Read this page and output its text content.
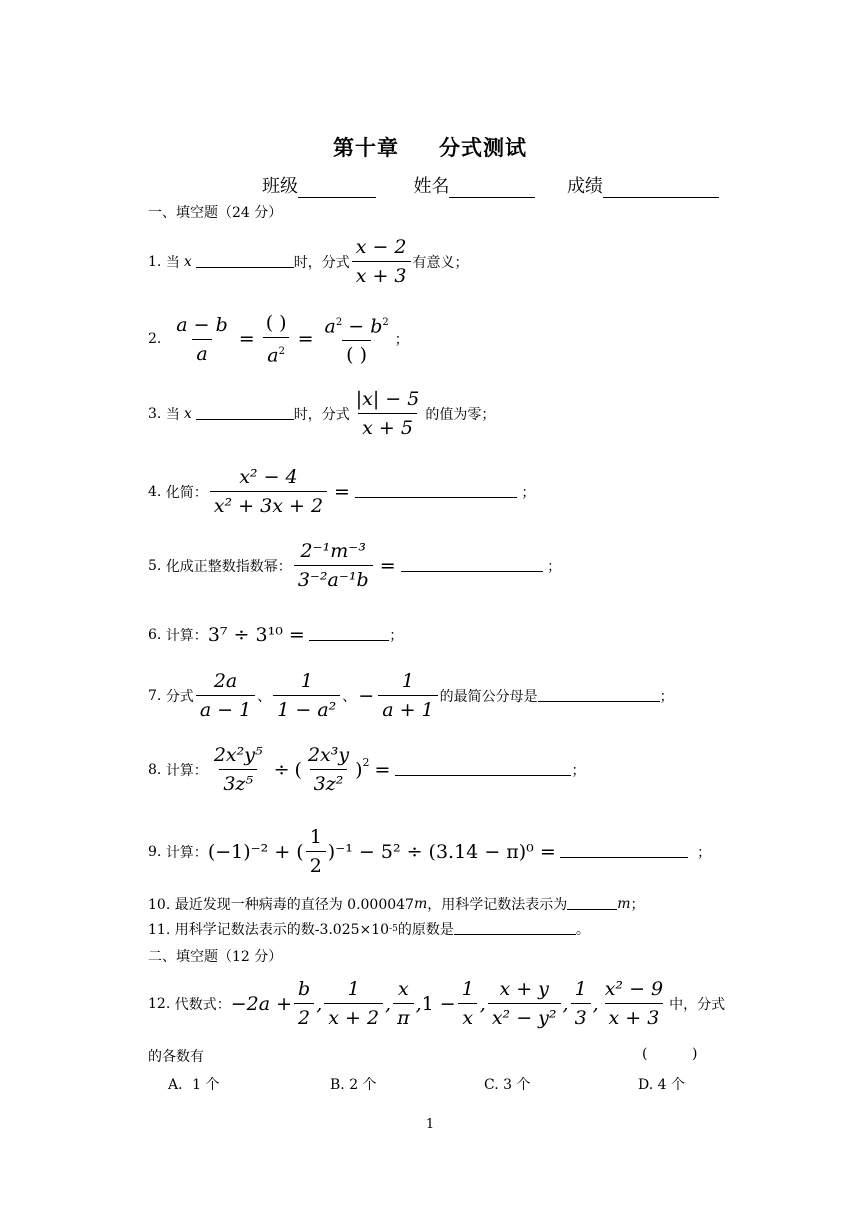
第十章 分式测试
班级	姓名	成绩
一、填空题（24 分）
1.
当 x	时，分式 $\frac{x - 2}{x + 3}$ 有意义；
2.
$\frac{a - b}{a} = \frac{( )}{a^2} = \frac{a^2 - b^2}{( )}$ ；
3.
当 x	时，分式 $\frac{|x| - 5}{x + 5}$ 的值为零；
4.
化简： $\frac{\text{x² − 4}}{\text{x² + 3x + 2}}$ =
	；
5.
化成正整数指数幂： $\frac{\text{2⁻¹m⁻³}}{\text{3⁻²a⁻¹b}}$ =
	；
6.
计算： 3⁷ ÷ 3¹⁰ =
	；
7.
分式 $\frac{2a}{a - 1}$ 、 $\frac{1}{\text{1 − a²}}$ 、 − $\frac{1}{a + 1}$ 的最简公分母是	；
8.
计算： $\frac{\text{2x²y⁵}}{\text{3z⁵}}$ ÷ ( $\frac{\text{2x³y}}{\text{3z²}}$ ) 2 =	；
9.
计算： (−1)⁻² + ( $\frac{1}{2} )^{-1} - 5^2 \div (3.14 - \pi)^0$ =

	；
10. 最近发现一种病毒的直径为 0.000047 m ，用科学记数法表示为	m ；
11. 用科学记数法表示的数-3.025×10 -5 的原数是	。
二、填空题（12 分）
12.
代数式： $-2a + \frac{b}{2}$ , $\frac{1}{x + 2}$ , $\frac{x}{\pi}$ , $1 - \frac{1}{x}$ , $\frac{x + y}{\text{x² − y²}}$ , $\frac{1}{3}$ , $\frac{\text{x² − 9}}{x + 3}$ 中，分式
的各数有	(          )
A．1 个	B. 2 个	C. 3 个	D. 4 个
1
